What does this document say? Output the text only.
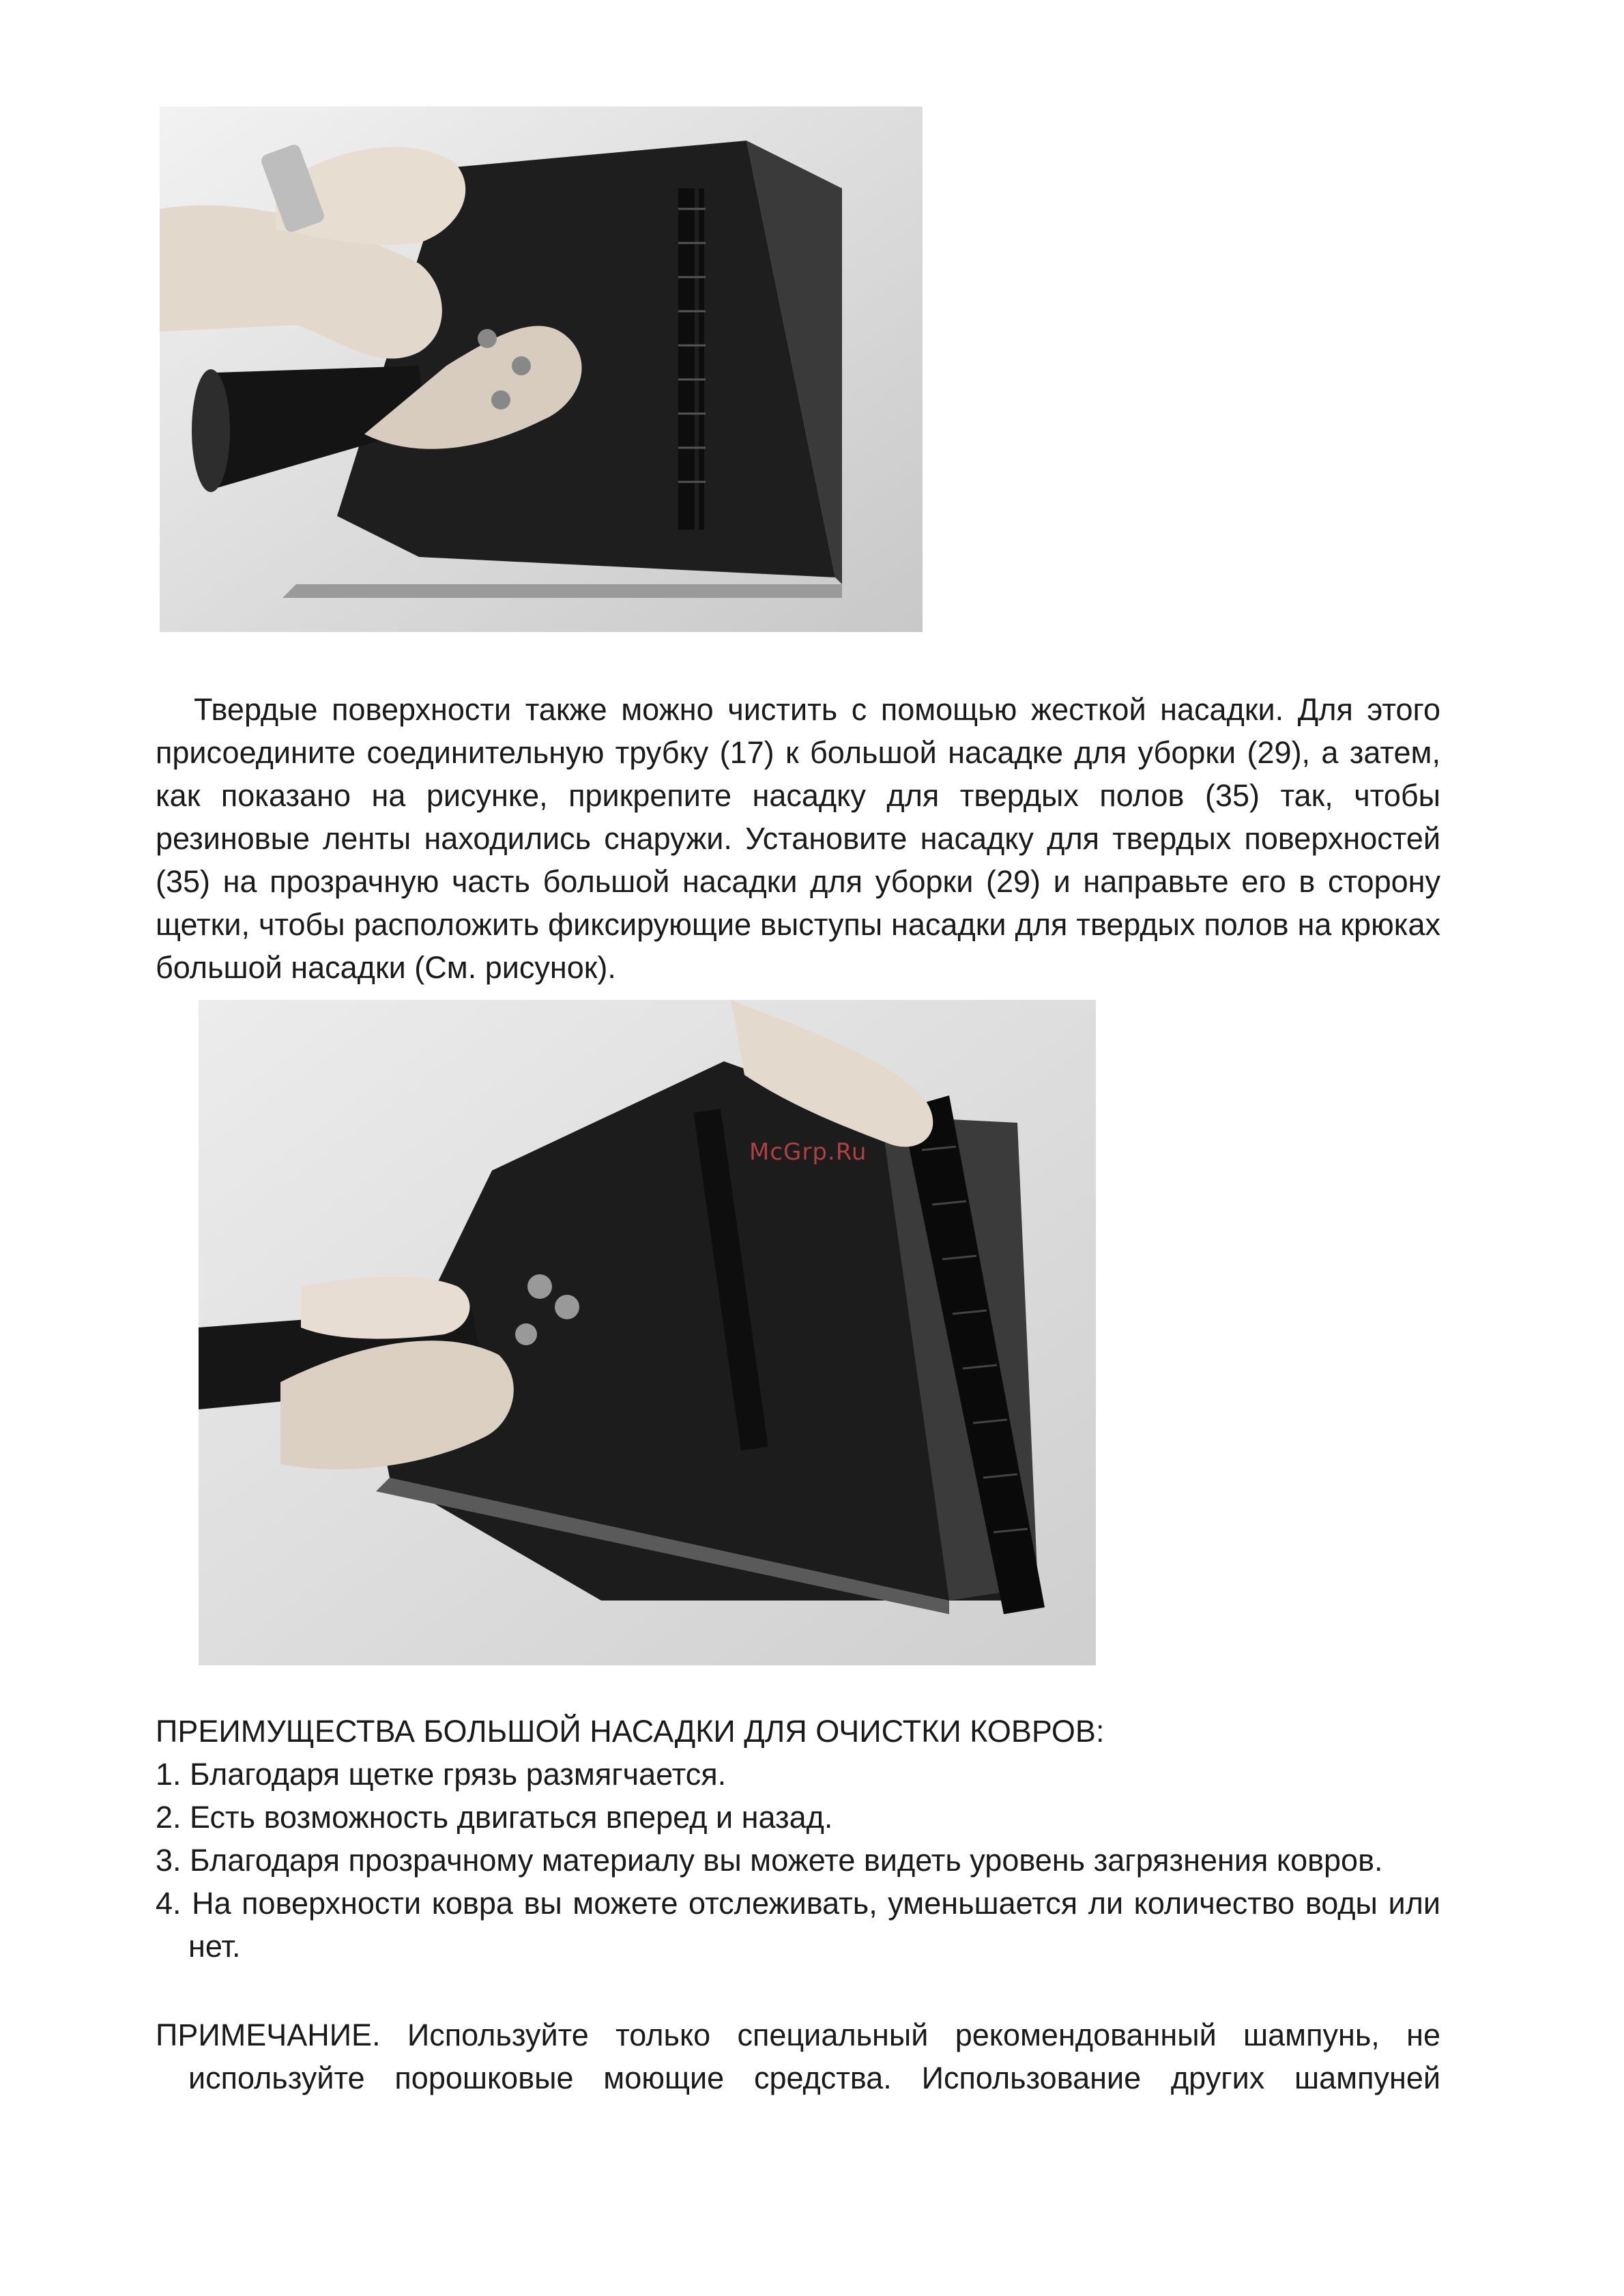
Твердые поверхности также можно чистить с помощью жесткой насадки. Для этого присоедините соединительную трубку (17) к большой насадке для уборки (29), а затем, как показано на рисунке, прикрепите насадку для твердых полов (35) так, чтобы резиновые ленты находились снаружи. Установите насадку для твердых поверхностей (35) на прозрачную часть большой насадки для уборки (29) и направьте его в сторону щетки, чтобы расположить фиксирующие выступы насадки для твердых полов на крюках большой насадки (См. рисунок).
McGrp.Ru
ПРЕИМУЩЕСТВА БОЛЬШОЙ НАСАДКИ ДЛЯ ОЧИСТКИ КОВРОВ:
1. Благодаря щетке грязь размягчается.
2. Есть возможность двигаться вперед и назад.
3. Благодаря прозрачному материалу вы можете видеть уровень загрязнения ковров.
4. На поверхности ковра вы можете отслеживать, уменьшается ли количество воды или нет.
ПРИМЕЧАНИЕ. Используйте только специальный рекомендованный шампунь, не используйте порошковые моющие средства. Использование других шампуней
